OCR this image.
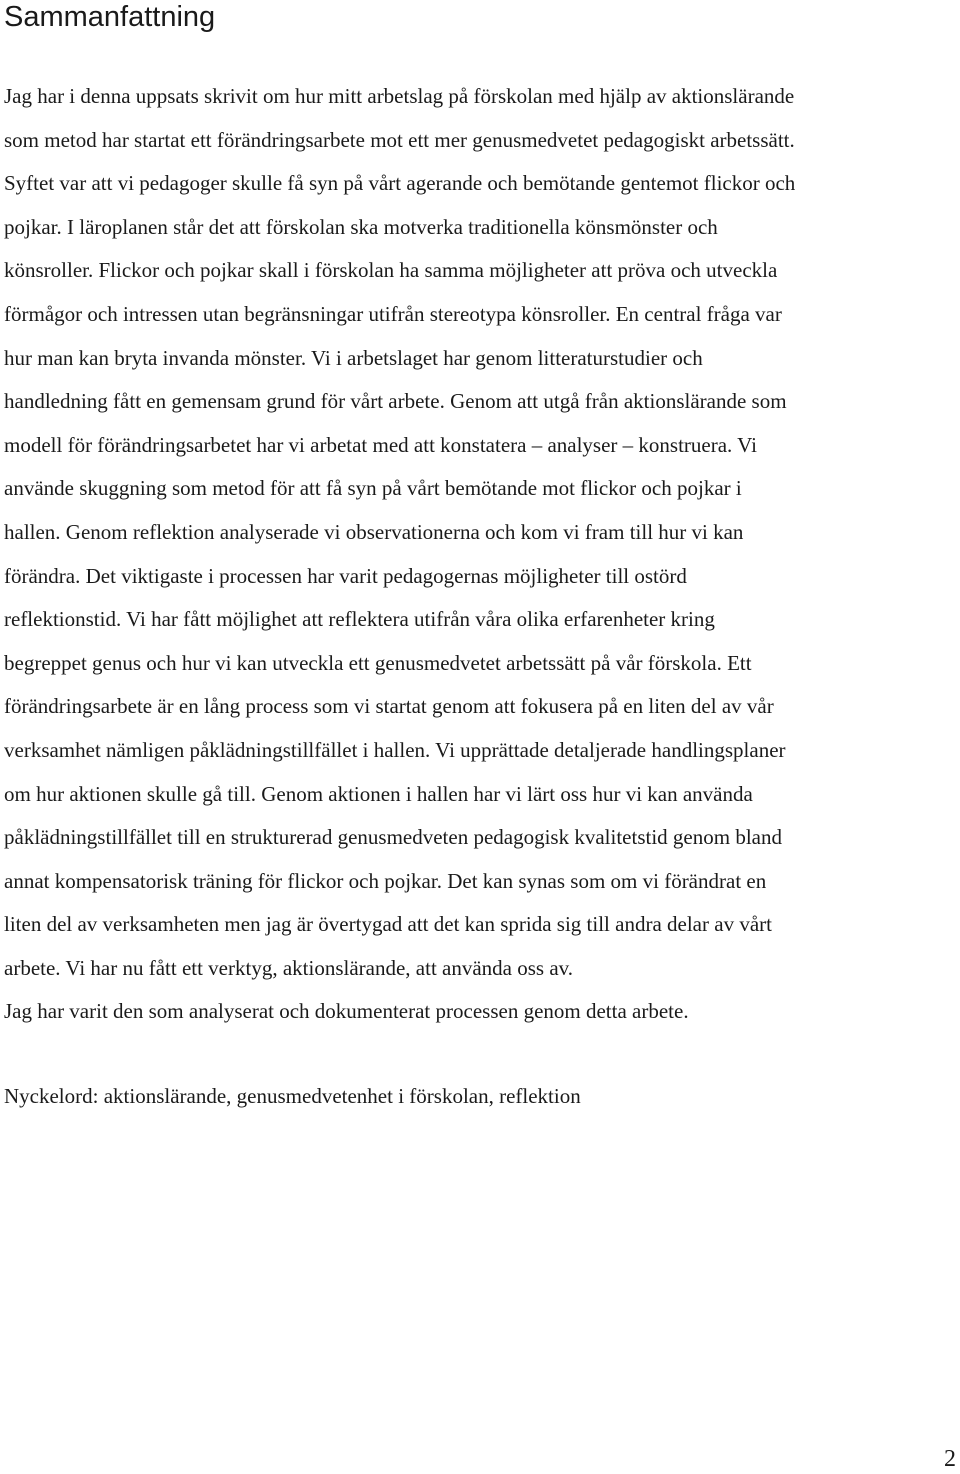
Sammanfattning
Jag har i denna uppsats skrivit om hur mitt arbetslag på förskolan med hjälp av aktionslärande
som metod har startat ett förändringsarbete mot ett mer genusmedvetet pedagogiskt arbetssätt.
Syftet var att vi pedagoger skulle få syn på vårt agerande och bemötande gentemot flickor och
pojkar. I läroplanen står det att förskolan ska motverka traditionella könsmönster och
könsroller. Flickor och pojkar skall i förskolan ha samma möjligheter att pröva och utveckla
förmågor och intressen utan begränsningar utifrån stereotypa könsroller. En central fråga var
hur man kan bryta invanda mönster. Vi i arbetslaget har genom litteraturstudier och
handledning fått en gemensam grund för vårt arbete. Genom att utgå från aktionslärande som
modell för förändringsarbetet har vi arbetat med att konstatera – analyser – konstruera. Vi
använde skuggning som metod för att få syn på vårt bemötande mot flickor och pojkar i
hallen. Genom reflektion analyserade vi observationerna och kom vi fram till hur vi kan
förändra. Det viktigaste i processen har varit pedagogernas möjligheter till ostörd
reflektionstid. Vi har fått möjlighet att reflektera utifrån våra olika erfarenheter kring
begreppet genus och hur vi kan utveckla ett genusmedvetet arbetssätt på vår förskola. Ett
förändringsarbete är en lång process som vi startat genom att fokusera på en liten del av vår
verksamhet nämligen påklädningstillfället i hallen. Vi upprättade detaljerade handlingsplaner
om hur aktionen skulle gå till. Genom aktionen i hallen har vi lärt oss hur vi kan använda
påklädningstillfället till en strukturerad genusmedveten pedagogisk kvalitetstid genom bland
annat kompensatorisk träning för flickor och pojkar. Det kan synas som om vi förändrat en
liten del av verksamheten men jag är övertygad att det kan sprida sig till andra delar av vårt
arbete. Vi har nu fått ett verktyg, aktionslärande, att använda oss av.

Jag har varit den som analyserat och dokumenterat processen genom detta arbete.

Nyckelord: aktionslärande, genusmedvetenhet i förskolan, reflektion

2
